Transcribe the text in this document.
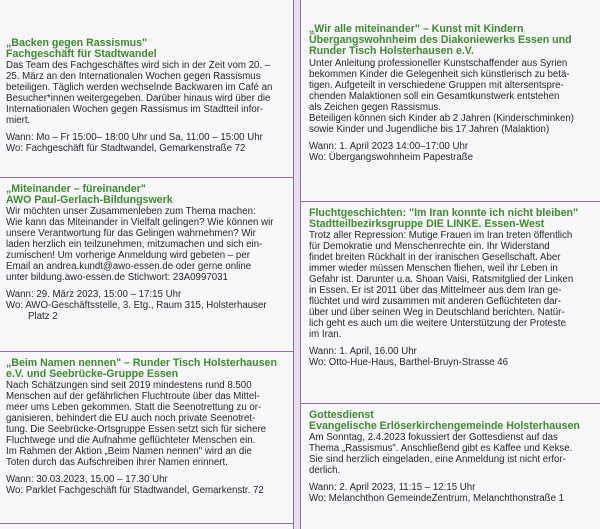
„Backen gegen Rassismus"

Fachgeschäft für Stadtwandel

Das Team des Fachgeschäftes wird sich in der Zeit vom 20. –

25. März an den Internationalen Wochen gegen Rassismus

beteiligen. Täglich werden wechselnde Backwaren im Café an

Besucher*innen weitergegeben. Darüber hinaus wird über die

Internationalen Wochen gegen Rassismus im Stadtteil infor-

miert.

Wann: Mo – Fr 15:00– 18:00 Uhr und Sa, 11:00 – 15:00 Uhr

Wo: Fachgeschäft für Stadtwandel, Gemarkenstraße 72

„Miteinander – füreinander"

AWO Paul-Gerlach-Bildungswerk

Wir möchten unser Zusammenleben zum Thema machen:

Wie kann das Miteinander in Vielfalt gelingen? Wie können wir

unsere Verantwortung für das Gelingen wahrnehmen? Wir

laden herzlich ein teilzunehmen, mitzumachen und sich ein-

zumischen! Um vorherige Anmeldung wird gebeten – per

Email an andrea.kundt@awo-essen.de oder gerne online

unter bildung.awo-essen.de Stichwort: 23A0997031

Wann: 29. März 2023, 15:00 – 17:15 Uhr

Wo: AWO-Geschäftsstelle, 3. Etg., Raum 315, Holsterhauser

Platz 2

„Beim Namen nennen" – Runder Tisch Holsterhausen

e.V. und Seebrücke-Gruppe Essen

Nach Schätzungen sind seit 2019 mindestens rund 8.500

Menschen auf der gefährlichen Fluchtroute über das Mittel-

meer ums Leben gekommen. Statt die Seenotrettung zu or-

ganisieren, behindert die EU auch noch private Seenotret-

tung. Die Seebrücke-Ortsgruppe Essen setzt sich für sichere

Fluchtwege und die Aufnahme geflüchteter Menschen ein.

Im Rahmen der Aktion „Beim Namen nennen" wird an die

Toten durch das Aufschreiben ihrer Namen erinnert.

Wann: 30.03.2023, 15.00 – 17.30 Uhr

Wo: Parklet Fachgeschäft für Stadtwandel, Gemarkenstr. 72

„Wir alle miteinander" – Kunst mit Kindern

Übergangswohnheim des Diakoniewerks Essen und

Runder Tisch Holsterhausen e.V.

Unter Anleitung professioneller Kunstschaffender aus Syrien

bekommen Kinder die Gelegenheit sich künstlerisch zu betä-

tigen. Aufgeteilt in verschiedene Gruppen mit altersentspre-

chenden Malaktionen soll ein Gesamtkunstwerk entstehen

als Zeichen gegen Rassismus.

Beteiligen können sich Kinder ab 2 Jahren (Kinderschminken)

sowie Kinder und Jugendliche bis 17 Jahren (Malaktion)

Wann: 1. April 2023 14:00–17:00 Uhr

Wo: Übergangswohnheim Papestraße

Fluchtgeschichten: "Im Iran konnte ich nicht bleiben"

Stadtteilbezirksgruppe DIE LINKE. Essen-West

Trotz aller Repression: Mutige Frauen im Iran treten öffentlich

für Demokratie und Menschenrechte ein. Ihr Widerstand

findet breiten Rückhalt in der iranischen Gesellschaft. Aber

immer wieder müssen Menschen fliehen, weil ihr Leben in

Gefahr ist. Darunter u.a. Shoan Vaisi, Ratsmitglied der Linken

in Essen. Er ist 2011 über das Mittelmeer aus dem Iran ge-

flüchtet und wird zusammen mit anderen Geflüchteten dar-

über und über seinen Weg in Deutschland berichten. Natür-

lich geht es auch um die weitere Unterstützung der Proteste

im Iran.

Wann: 1. April, 16.00 Uhr

Wo: Otto-Hue-Haus, Barthel-Bruyn-Strasse 46

Gottesdienst

Evangelische Erlöserkirchengemeinde Holsterhausen

Am Sonntag, 2.4.2023 fokussiert der Gottesdienst auf das

Thema „Rassismus". Anschließend gibt es Kaffee und Kekse.

Sie sind herzlich eingeladen, eine Anmeldung ist nicht erfor-

derlich.

Wann: 2. April 2023, 11:15 – 12:15 Uhr

Wo: Melanchthon GemeindeZentrum, Melanchthonstraße 1
